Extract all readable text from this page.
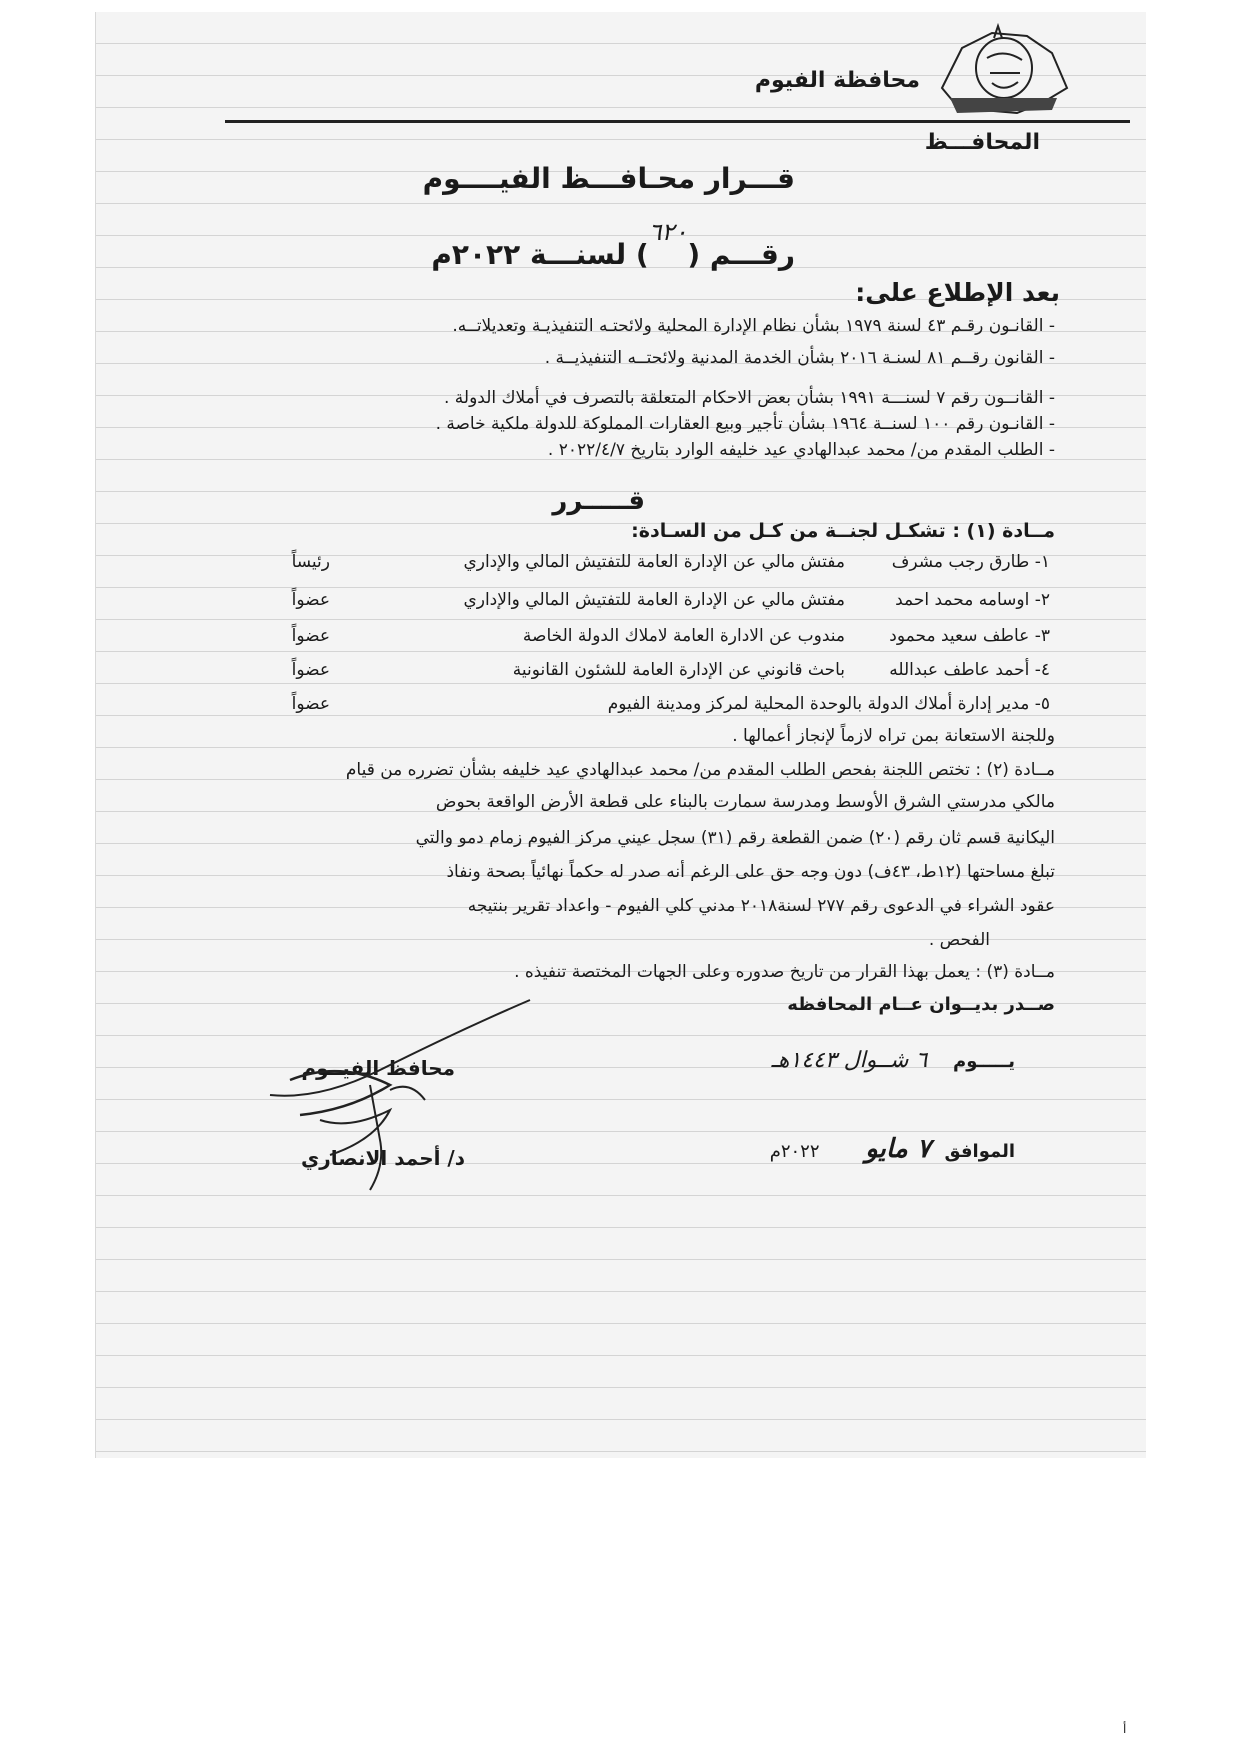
محافظة الفيوم
المحافـــظ
قـــرار محـافـــظ الفيــــوم
رقـــم (٦٢٠) لسنـــة ٢٠٢٢م
بعد الإطلاع على:
- القانـون رقـم ٤٣ لسنة ١٩٧٩ بشأن نظام الإدارة المحلية ولائحتـه التنفيذيـة وتعديلاتــه.
- القانون رقــم ٨١ لسنـة ٢٠١٦ بشأن الخدمة المدنية ولائحتــه التنفيذيــة .
- القانــون رقم ٧ لسنـــة ١٩٩١ بشأن بعض الاحكام المتعلقة بالتصرف في أملاك الدولة .
- القانـون رقم ١٠٠ لسنــة ١٩٦٤ بشأن تأجير وبيع العقارات المملوكة للدولة ملكية خاصة .
- الطلب المقدم من/ محمد عبدالهادي عيد خليفه الوارد بتاريخ ٢٠٢٢/٤/٧ .
قـــــرر
مــادة (١) : تشكـل لجنــة من كـل من السـادة:
١- طارق رجب مشرف
مفتش مالي عن الإدارة العامة للتفتيش المالي والإداري
رئيساً
٢- اوسامه محمد احمد
مفتش مالي عن الإدارة العامة للتفتيش المالي والإداري
عضواً
٣- عاطف سعيد محمود
مندوب عن الادارة العامة لاملاك الدولة الخاصة
عضواً
٤- أحمد عاطف عبدالله
باحث قانوني عن الإدارة العامة للشئون القانونية
عضواً
٥- مدير إدارة أملاك الدولة بالوحدة المحلية لمركز ومدينة الفيوم
عضواً
وللجنة الاستعانة بمن تراه لازماً لإنجاز أعمالها .
مــادة (٢) : تختص اللجنة بفحص الطلب المقدم من/ محمد عبدالهادي عيد خليفه بشأن تضرره من قيام
مالكي مدرستي الشرق الأوسط ومدرسة سمارت بالبناء على قطعة الأرض الواقعة بحوض
اليكانية قسم ثان رقم (٢٠) ضمن القطعة رقم (٣١) سجل عيني مركز الفيوم زمام دمو والتي
تبلغ مساحتها (١٢ط، ٤٣ف) دون وجه حق على الرغم أنه صدر له حكماً نهائياً بصحة ونفاذ
عقود الشراء في الدعوى رقم ٢٧٧ لسنة٢٠١٨ مدني كلي الفيوم - واعداد تقرير بنتيجه
الفحص .
مــادة (٣) : يعمل بهذا القرار من تاريخ صدوره وعلى الجهات المختصة تنفيذه .
صــدر بديــوان عــام المحافظه
يـــــوم ٦ شــوال ١٤٤٣هـ
الموافق ٧ مايو ٢٠٢٢م
محافظ الفيــوم
د/ أحمد الانصاري
أ
